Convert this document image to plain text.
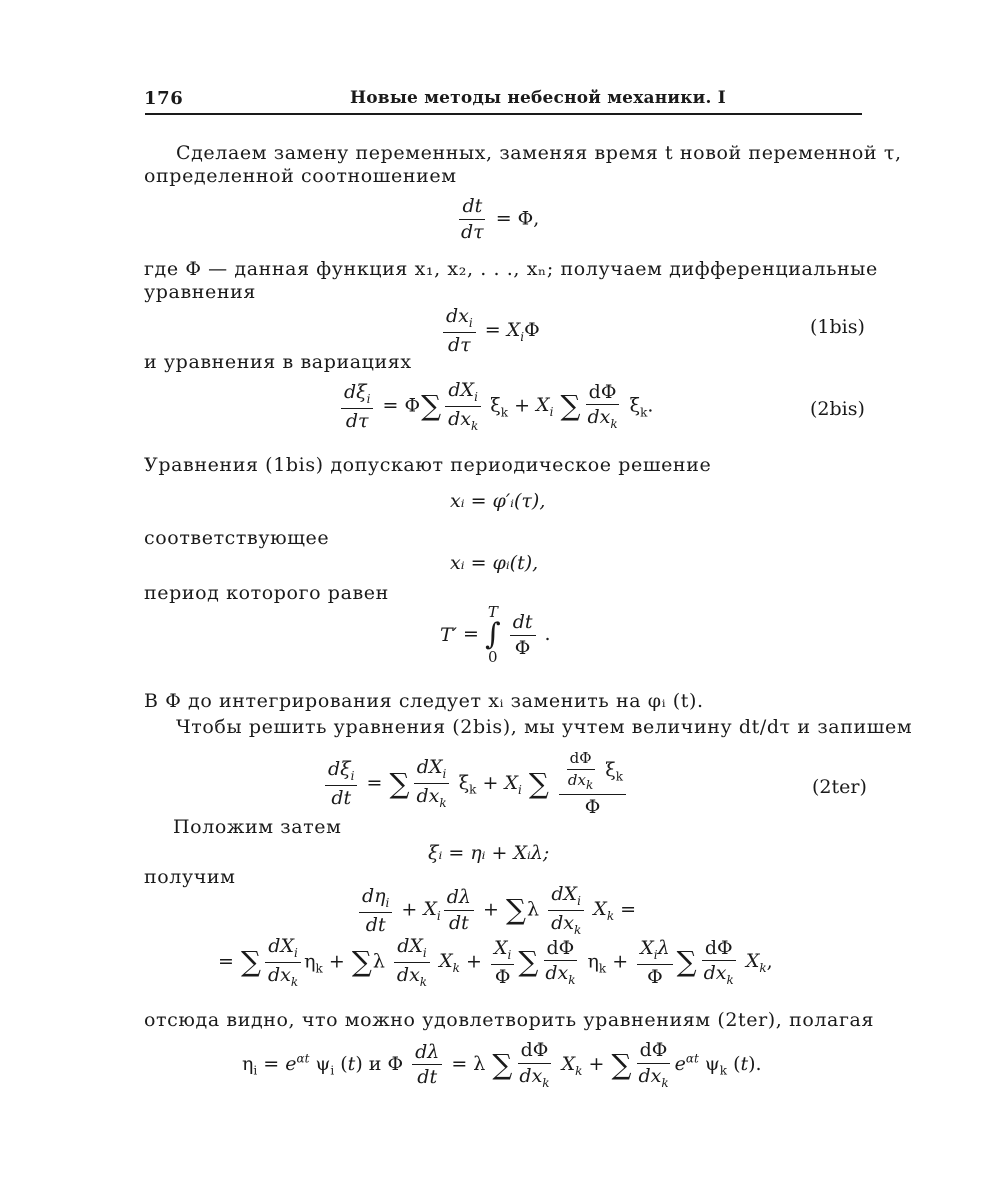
176	Новые методы небесной механики. I
Сделаем замену переменных, заменяя время t новой переменной τ,
определенной соотношением
$\frac{dt}{d\tau} = \Phi$,
где Φ — данная функция x₁, x₂, . . ., xₙ; получаем дифференциальные
уравнения
$\frac{dx_i}{d\tau} = X_i\Phi$	(1bis)
и уравнения в вариациях
$\frac{d\xi_i}{d\tau} = \Phi\sum \frac{dX_i}{dx_k} \xi_k + X_i$ ∑ $\frac{d\Phi}{dx_k} \xi_k$.	(2bis)
Уравнения (1bis) допускают периодическое решение
xᵢ = φ′ᵢ(τ),
соответствующее
xᵢ = φᵢ(t),
период которого равен
T′ =
T
∫
0
$\frac{dt}{\Phi}$ .
В Φ до интегрирования следует xᵢ заменить на φᵢ (t).
Чтобы решить уравнения (2bis), мы учтем величину dt/dτ и запишем
$\frac{d\xi_i}{dt}$ = ∑ $\frac{dX_i}{dx_k} \xi_k + X_i$ ∑ $\frac{\frac{d\Phi}{dx_k} \xi_k}{\Phi}$	(2ter)
Положим затем
ξᵢ = ηᵢ + Xᵢλ;
получим
$\frac{d\eta_i}{dt} + X_i \frac{d\lambda}{dt} + \sum\lambda \frac{dX_i}{dx_k} X_k$ =
= ∑ $\frac{dX_i}{dx_k} \eta_k + \sum\lambda \frac{dX_i}{dx_k} X_k + \frac{X_i}{\Phi}$ ∑ $\frac{d\Phi}{dx_k} \eta_k + \frac{X_i\lambda}{\Phi}$ ∑ $\frac{d\Phi}{dx_k} X_k$,
отсюда видно, что можно удовлетворить уравнениям (2ter), полагая
$\eta_i = e^{\alpha t}$ $\psi_i$ (t) и Φ $\frac{d\lambda}{dt} = \lambda$ ∑ $\frac{d\Phi}{dx_k} X_k$ + ∑ $\frac{d\Phi}{dx_k} e^{\alpha t}$ $\psi_k$ (t).
